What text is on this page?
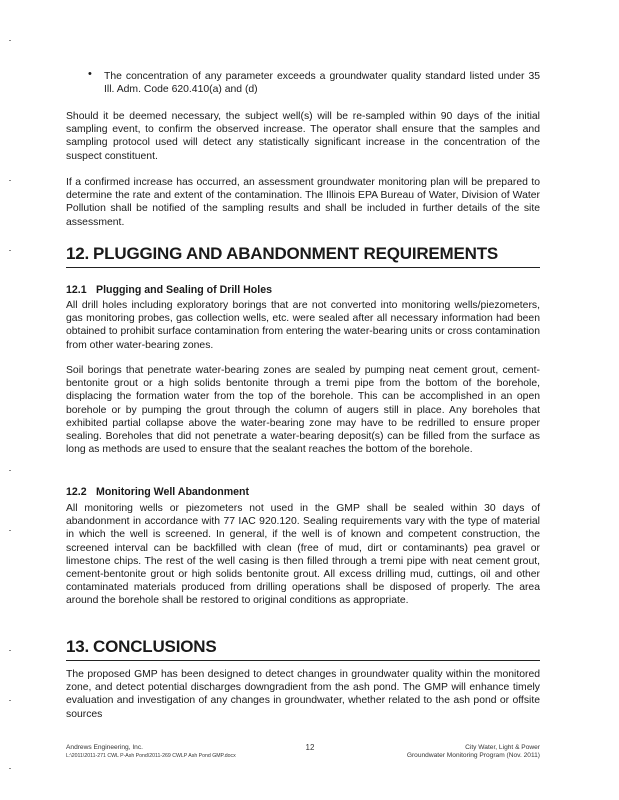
• The concentration of any parameter exceeds a groundwater quality standard listed under 35 Ill. Adm. Code 620.410(a) and (d)

Should it be deemed necessary, the subject well(s) will be re-sampled within 90 days of the initial sampling event, to confirm the observed increase. The operator shall ensure that the samples and sampling protocol used will detect any statistically significant increase in the concentration of the suspect constituent.

If a confirmed increase has occurred, an assessment groundwater monitoring plan will be prepared to determine the rate and extent of the contamination. The Illinois EPA Bureau of Water, Division of Water Pollution shall be notified of the sampling results and shall be included in further details of the site assessment.

12. PLUGGING AND ABANDONMENT REQUIREMENTS
12.1 Plugging and Sealing of Drill Holes

All drill holes including exploratory borings that are not converted into monitoring wells/piezometers, gas monitoring probes, gas collection wells, etc. were sealed after all necessary information had been obtained to prohibit surface contamination from entering the water-bearing units or cross contamination from other water-bearing zones.

Soil borings that penetrate water-bearing zones are sealed by pumping neat cement grout, cement-bentonite grout or a high solids bentonite through a tremi pipe from the bottom of the borehole, displacing the formation water from the top of the borehole. This can be accomplished in an open borehole or by pumping the grout through the column of augers still in place. Any boreholes that exhibited partial collapse above the water-bearing zone may have to be redrilled to ensure proper sealing. Boreholes that did not penetrate a water-bearing deposit(s) can be filled from the surface as long as methods are used to ensure that the sealant reaches the bottom of the borehole.

12.2 Monitoring Well Abandonment

All monitoring wells or piezometers not used in the GMP shall be sealed within 30 days of abandonment in accordance with 77 IAC 920.120. Sealing requirements vary with the type of material in which the well is screened. In general, if the well is of known and competent construction, the screened interval can be backfilled with clean (free of mud, dirt or contaminants) pea gravel or limestone chips. The rest of the well casing is then filled through a tremi pipe with neat cement grout, cement-bentonite grout or high solids bentonite grout. All excess drilling mud, cuttings, oil and other contaminated materials produced from drilling operations shall be disposed of properly. The area around the borehole shall be restored to original conditions as appropriate.

13. CONCLUSIONS

The proposed GMP has been designed to detect changes in groundwater quality within the monitored zone, and detect potential discharges downgradient from the ash pond. The GMP will enhance timely evaluation and investigation of any changes in groundwater, whether related to the ash pond or offsite sources

Andrews Engineering, Inc.
L:\2011\2011-271 CWL P-Ash Pond\2011-269 CWLP Ash Pond GMP.docx
12	City Water, Light & Power
Groundwater Monitoring Program (Nov. 2011)
